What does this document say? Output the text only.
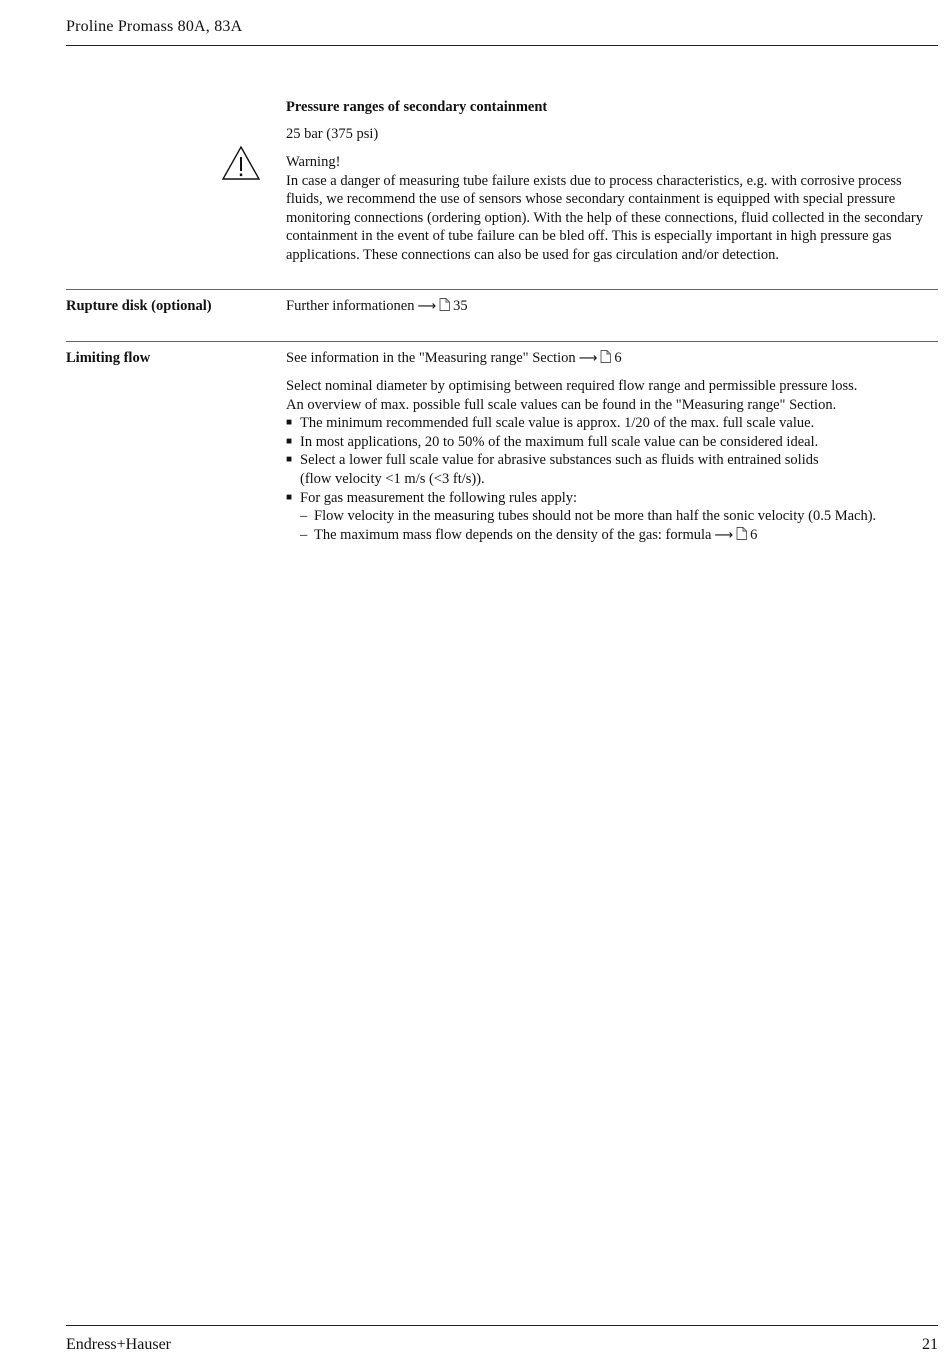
Proline Promass 80A, 83A
Pressure ranges of secondary containment
25 bar (375 psi)
Warning!
In case a danger of measuring tube failure exists due to process characteristics, e.g. with corrosive process fluids, we recommend the use of sensors whose secondary containment is equipped with special pressure monitoring connections (ordering option). With the help of these connections, fluid collected in the secondary containment in the event of tube failure can be bled off. This is especially important in high pressure gas applications. These connections can also be used for gas circulation and/or detection.
Rupture disk (optional)	Further informationen ⟶ 35
Limiting flow	See information in the "Measuring range" Section ⟶ 6
Select nominal diameter by optimising between required flow range and permissible pressure loss.
An overview of max. possible full scale values can be found in the "Measuring range" Section.
■ The minimum recommended full scale value is approx. 1/20 of the max. full scale value.
■ In most applications, 20 to 50% of the maximum full scale value can be considered ideal.
■ Select a lower full scale value for abrasive substances such as fluids with entrained solids (flow velocity <1 m/s (<3 ft/s)).
■ For gas measurement the following rules apply:
– Flow velocity in the measuring tubes should not be more than half the sonic velocity (0.5 Mach).
– The maximum mass flow depends on the density of the gas: formula ⟶ 6
Endress+Hauser	21
